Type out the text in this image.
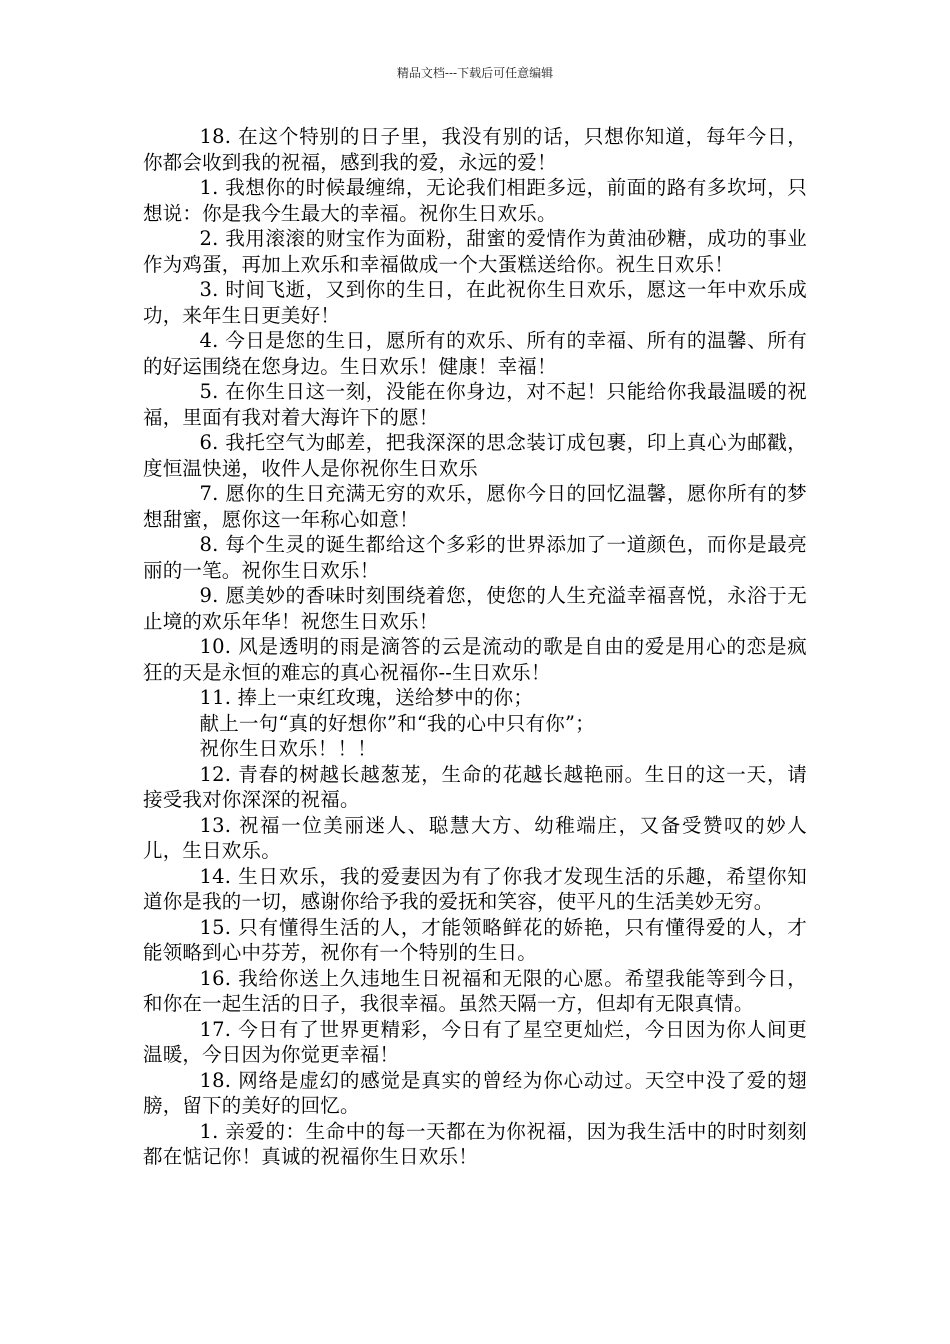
精品文档---下载后可任意编辑

18. 在这个特别的日子里，我没有别的话，只想你知道，每年今日，你都会收到我的祝福，感到我的爱，永远的爱！

1. 我想你的时候最缠绵，无论我们相距多远，前面的路有多坎坷，只想说：你是我今生最大的幸福。祝你生日欢乐。

2. 我用滚滚的财宝作为面粉，甜蜜的爱情作为黄油砂糖，成功的事业作为鸡蛋，再加上欢乐和幸福做成一个大蛋糕送给你。祝生日欢乐！

3. 时间飞逝，又到你的生日，在此祝你生日欢乐，愿这一年中欢乐成功，来年生日更美好！

4. 今日是您的生日，愿所有的欢乐、所有的幸福、所有的温馨、所有的好运围绕在您身边。生日欢乐！健康！幸福！

5. 在你生日这一刻，没能在你身边，对不起！只能给你我最温暖的祝福，里面有我对着大海许下的愿！

6. 我托空气为邮差，把我深深的思念装订成包裹，印上真心为邮戳，度恒温快递，收件人是你祝你生日欢乐

7. 愿你的生日充满无穷的欢乐，愿你今日的回忆温馨，愿你所有的梦想甜蜜，愿你这一年称心如意！

8. 每个生灵的诞生都给这个多彩的世界添加了一道颜色，而你是最亮丽的一笔。祝你生日欢乐！

9. 愿美妙的香味时刻围绕着您，使您的人生充溢幸福喜悦，永浴于无止境的欢乐年华！祝您生日欢乐！

10. 风是透明的雨是滴答的云是流动的歌是自由的爱是用心的恋是疯狂的天是永恒的难忘的真心祝福你--生日欢乐！

11. 捧上一束红玫瑰，送给梦中的你；

献上一句“真的好想你”和“我的心中只有你”；

祝你生日欢乐！！！

12. 青春的树越长越葱茏，生命的花越长越艳丽。生日的这一天，请接受我对你深深的祝福。

13. 祝福一位美丽迷人、聪慧大方、幼稚端庄，又备受赞叹的妙人儿，生日欢乐。

14. 生日欢乐，我的爱妻因为有了你我才发现生活的乐趣，希望你知道你是我的一切，感谢你给予我的爱抚和笑容，使平凡的生活美妙无穷。

15. 只有懂得生活的人，才能领略鲜花的娇艳，只有懂得爱的人，才能领略到心中芬芳，祝你有一个特别的生日。

16. 我给你送上久违地生日祝福和无限的心愿。希望我能等到今日，和你在一起生活的日子，我很幸福。虽然天隔一方，但却有无限真情。

17. 今日有了世界更精彩，今日有了星空更灿烂，今日因为你人间更温暖，今日因为你觉更幸福！

18. 网络是虚幻的感觉是真实的曾经为你心动过。天空中没了爱的翅膀，留下的美好的回忆。

1. 亲爱的：生命中的每一天都在为你祝福，因为我生活中的时时刻刻都在惦记你！真诚的祝福你生日欢乐！
